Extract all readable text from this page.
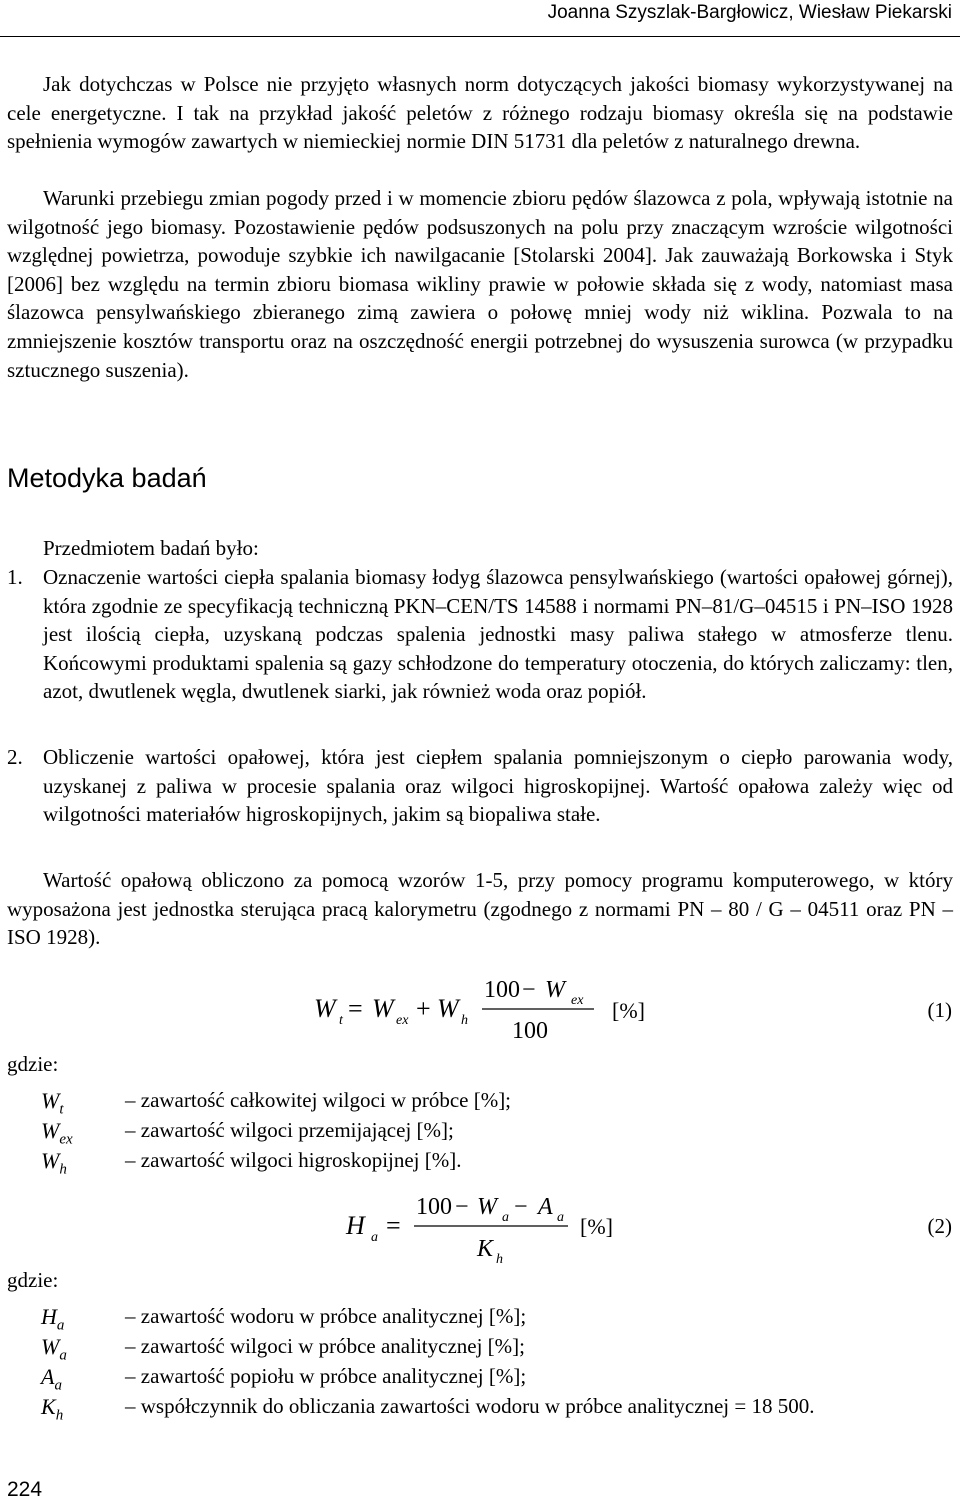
Joanna Szyszlak-Bargłowicz, Wiesław Piekarski

Jak dotychczas w Polsce nie przyjęto własnych norm dotyczących jakości biomasy wykorzystywanej na cele energetyczne. I tak na przykład jakość peletów z różnego rodzaju biomasy określa się na podstawie spełnienia wymogów zawartych w niemieckiej normie DIN 51731 dla peletów z naturalnego drewna.

Warunki przebiegu zmian pogody przed i w momencie zbioru pędów ślazowca z pola, wpływają istotnie na wilgotność jego biomasy. Pozostawienie pędów podsuszonych na polu przy znaczącym wzroście wilgotności względnej powietrza, powoduje szybkie ich nawilgacanie [Stolarski 2004]. Jak zauważają Borkowska i Styk [2006] bez względu na termin zbioru biomasa wikliny prawie w połowie składa się z wody, natomiast masa ślazowca pensylwańskiego zbieranego zimą zawiera o połowę mniej wody niż wiklina. Pozwala to na zmniejszenie kosztów transportu oraz na oszczędność energii potrzebnej do wysuszenia surowca (w przypadku sztucznego suszenia).

Metodyka badań

Przedmiotem badań było:

1. Oznaczenie wartości ciepła spalania biomasy łodyg ślazowca pensylwańskiego (wartości opałowej górnej), która zgodnie ze specyfikacją techniczną PKN–CEN/TS 14588 i normami PN–81/G–04515 i PN–ISO 1928 jest ilością ciepła, uzyskaną podczas spalenia jednostki masy paliwa stałego w atmosferze tlenu. Końcowymi produktami spalenia są gazy schłodzone do temperatury otoczenia, do których zaliczamy: tlen, azot, dwutlenek węgla, dwutlenek siarki, jak również woda oraz popiół.
2. Obliczenie wartości opałowej, która jest ciepłem spalania pomniejszonym o ciepło parowania wody, uzyskanej z paliwa w procesie spalania oraz wilgoci higroskopijnej. Wartość opałowa zależy więc od wilgotności materiałów higroskopijnych, jakim są biopaliwa stałe.

Wartość opałową obliczono za pomocą wzorów 1-5, przy pomocy programu komputerowego, w który wyposażona jest jednostka sterująca pracą kalorymetru (zgodnego z normami PN – 80 / G – 04511 oraz PN – ISO 1928).

W t = W ex + W h
100 − W ex
100
[%]	(1)
gdzie:
$W_t$	– zawartość całkowitej wilgoci w próbce [%];
$W_{ex}$ – zawartość wilgoci przemijającej [%];
$W_h$	– zawartość wilgoci higroskopijnej [%].
H a =
100 − W a − A a
K h
[%]	(2)
gdzie:
$H_a$	– zawartość wodoru w próbce analitycznej [%];
$W_a$	– zawartość wilgoci w próbce analitycznej [%];
$A_a$	– zawartość popiołu w próbce analitycznej [%];
$K_h$	– współczynnik do obliczania zawartości wodoru w próbce analitycznej = 18 500.
224
